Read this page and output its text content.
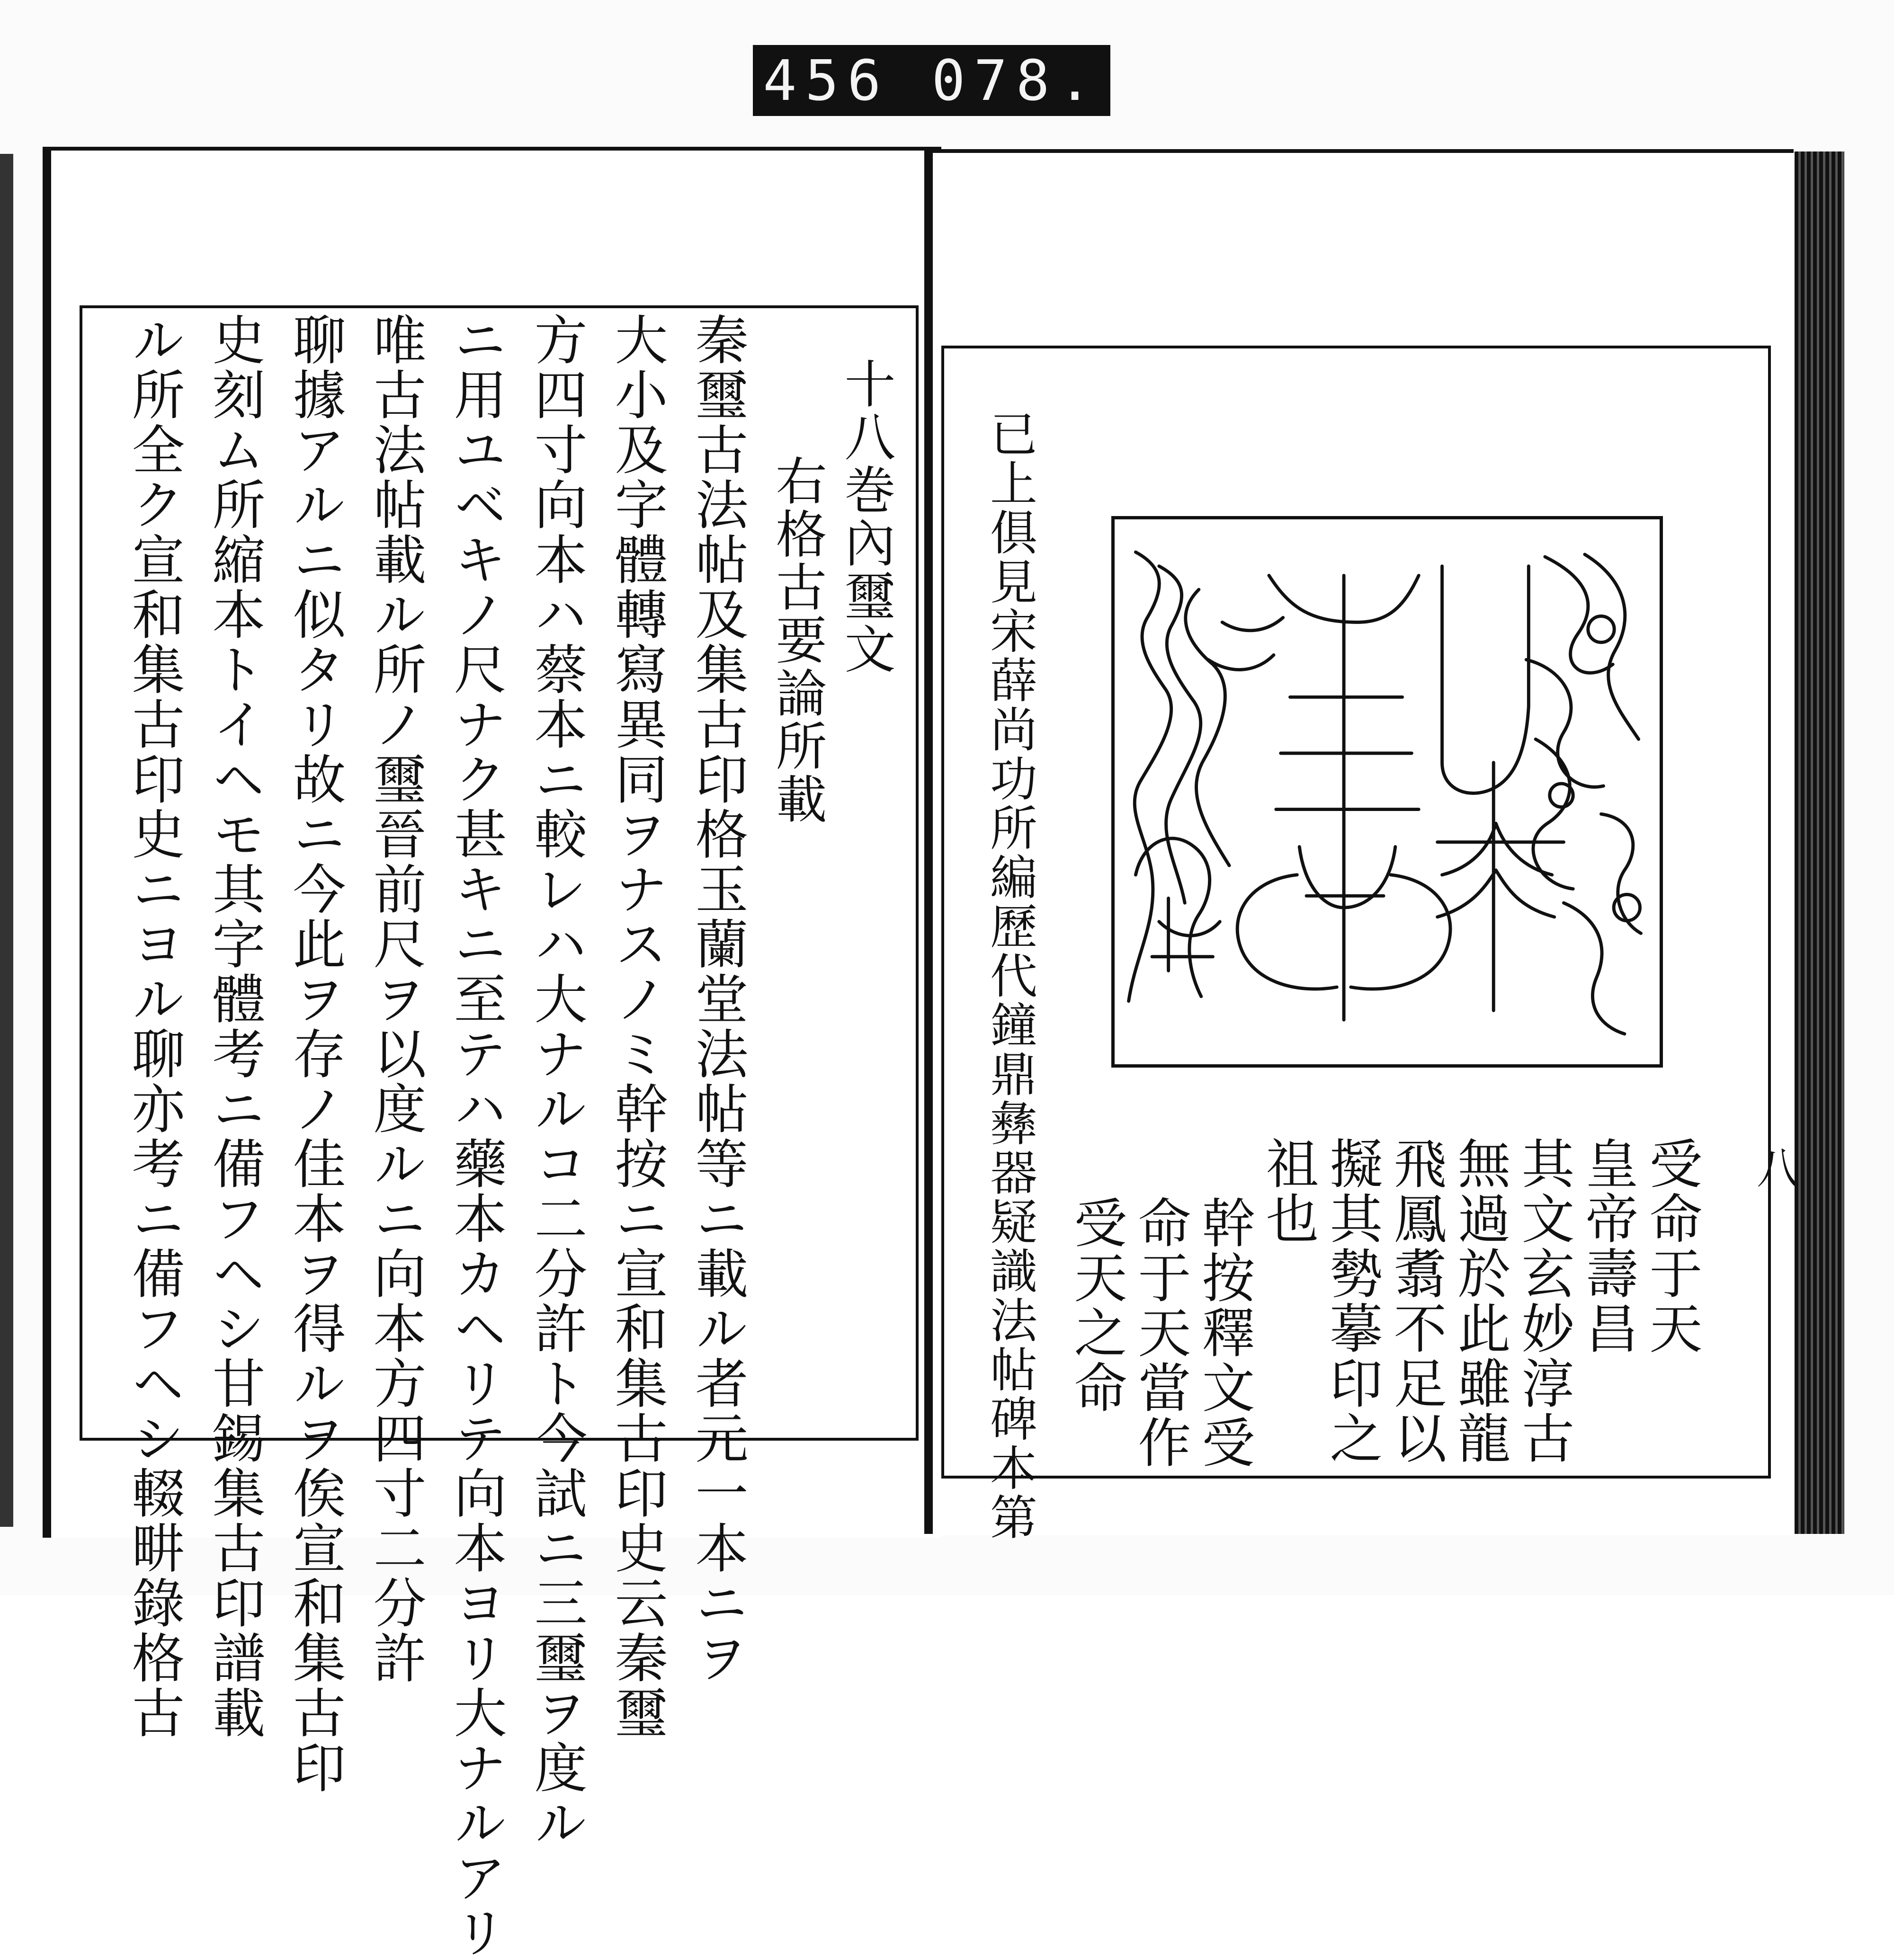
456 078.
十八巻內璽文
右格古要論所載
秦璽古法帖及集古印格玉蘭堂法帖等ニ載ル者元一本ニヲ
大小及字體轉寫異同ヲナスノミ幹按ニ宣和集古印史云秦璽
方四寸向本ハ蔡本ニ較レハ大ナルコ二分許ト今試ニ三璽ヲ度ル
ニ用ユベキノ尺ナク甚キニ至テハ藥本カヘリテ向本ヨリ大ナルアリ
唯古法帖載ル所ノ璽晉前尺ヲ以度ルニ向本方四寸二分許
聊據アルニ似タリ故ニ今此ヲ存ノ佳本ヲ得ルヲ俟宣和集古印
史刻ム所縮本トイヘモ其字體考ニ備フヘシ甘錫集古印譜載
ル所全ク宣和集古印史ニヨル聊亦考ニ備フヘシ輟畊錄格古	已上俱見宋薛尚功所編歷代鐘鼎彝器疑識法帖碑本第	受命于天
皇帝壽昌
其文玄妙淳古
無過於此雖龍
飛鳳翥不足以
擬其勢摹印之
祖也
幹按釋文受
命于天當作
受天之命
八
